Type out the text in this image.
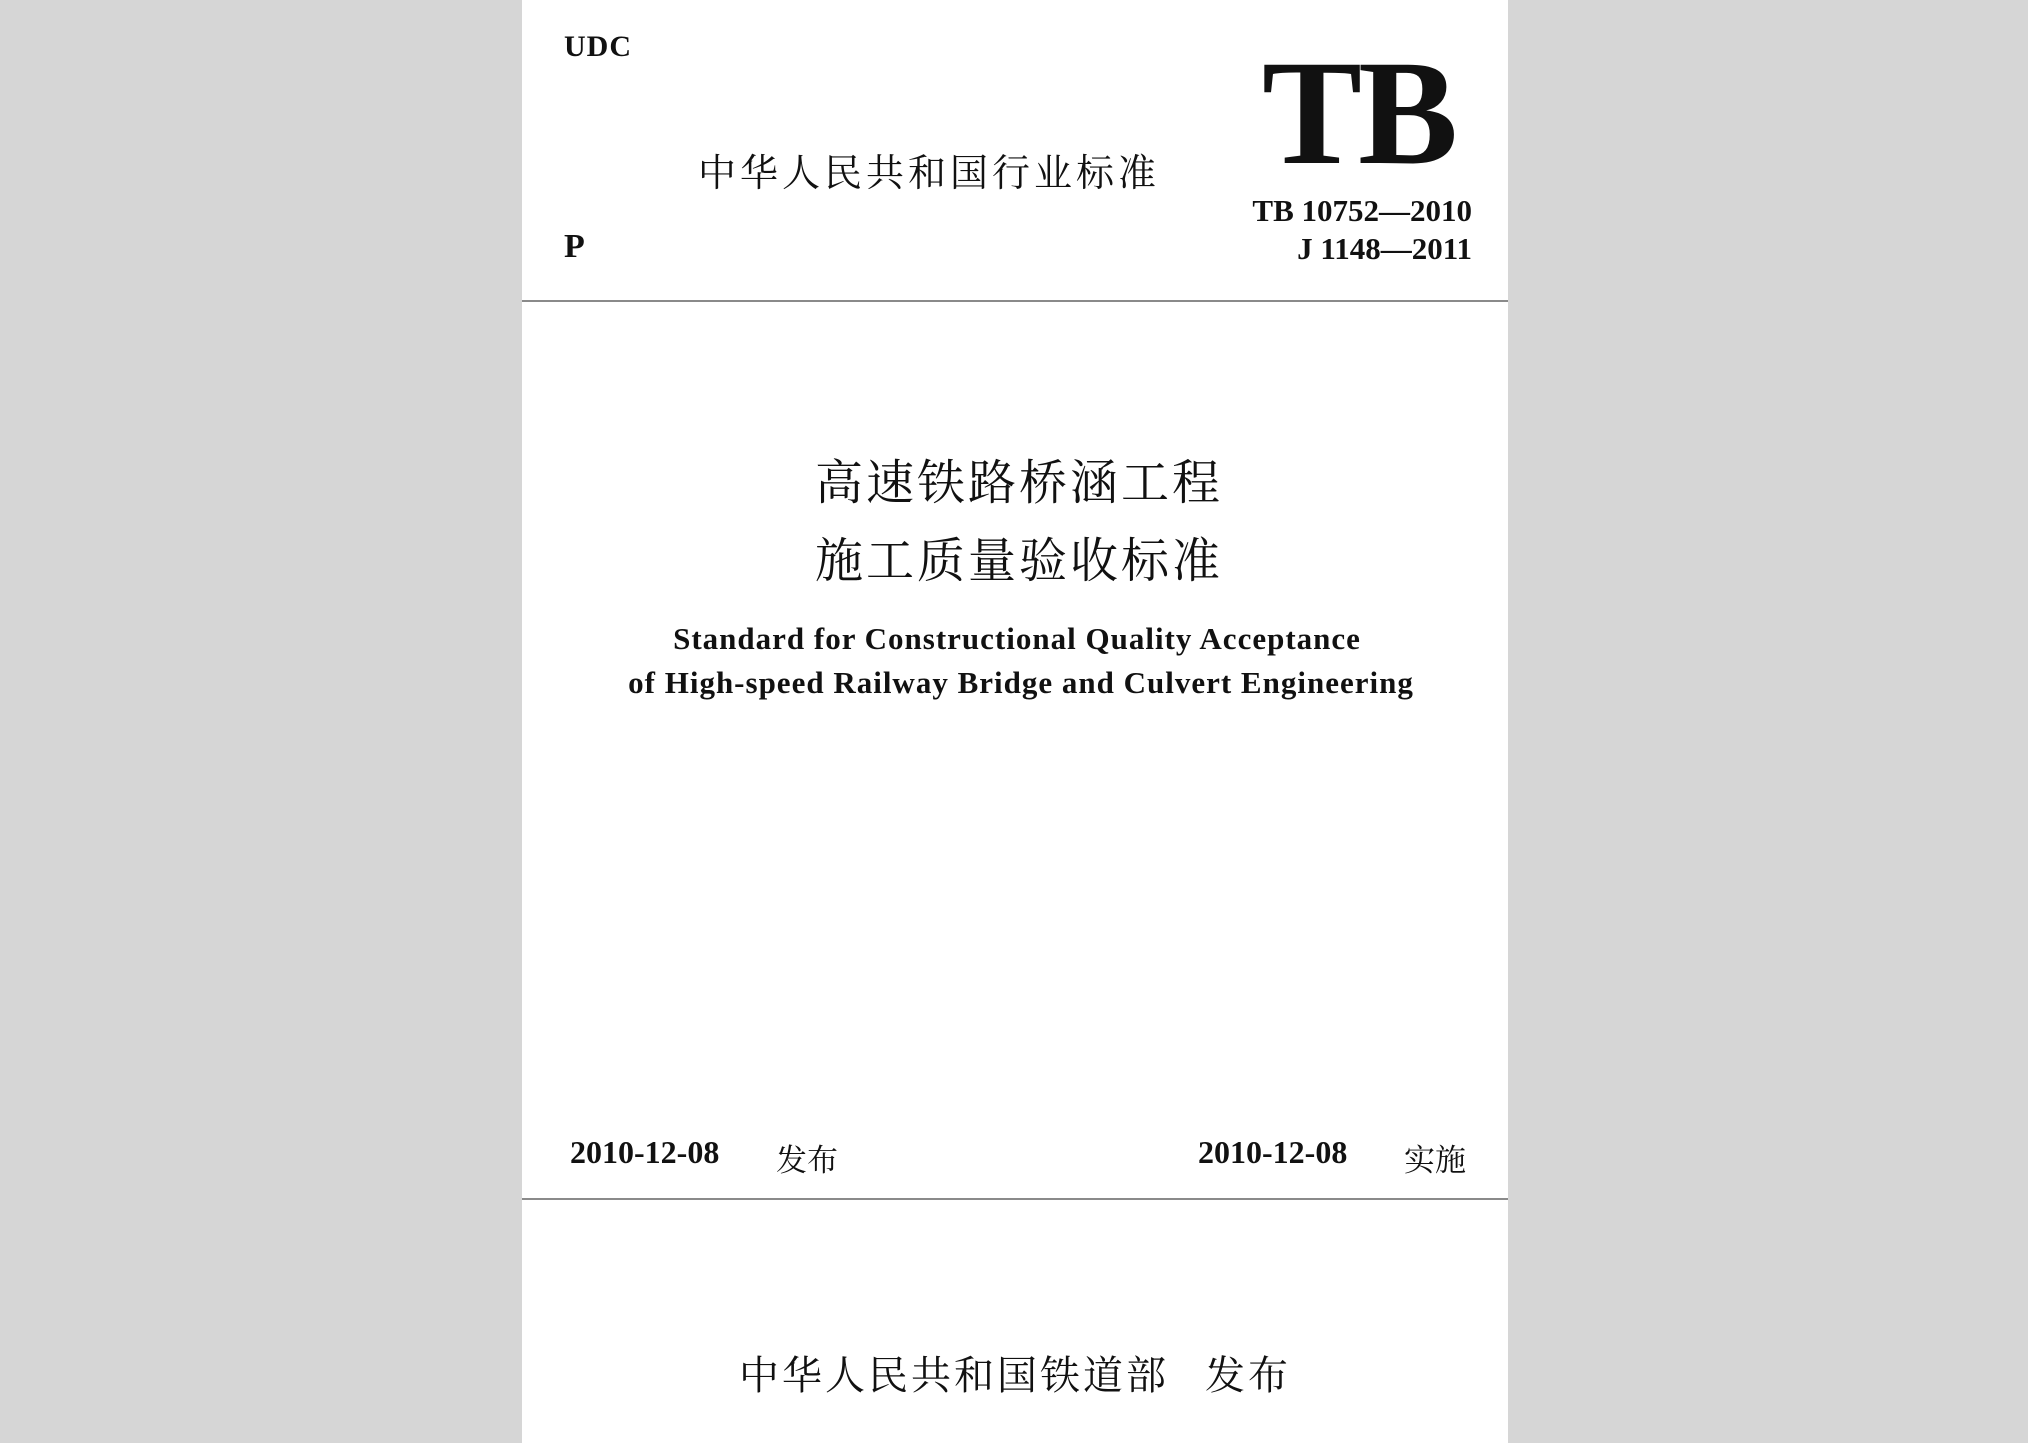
UDC
P
中华人民共和国行业标准 TB
TB 10752—2010
J 1148—2011
高速铁路桥涵工程
施工质量验收标准
Standard for Constructional Quality Acceptance
of High-speed Railway Bridge and Culvert Engineering
2010-12-08 发布	2010-12-08 实施
中华人民共和国铁道部 发布
